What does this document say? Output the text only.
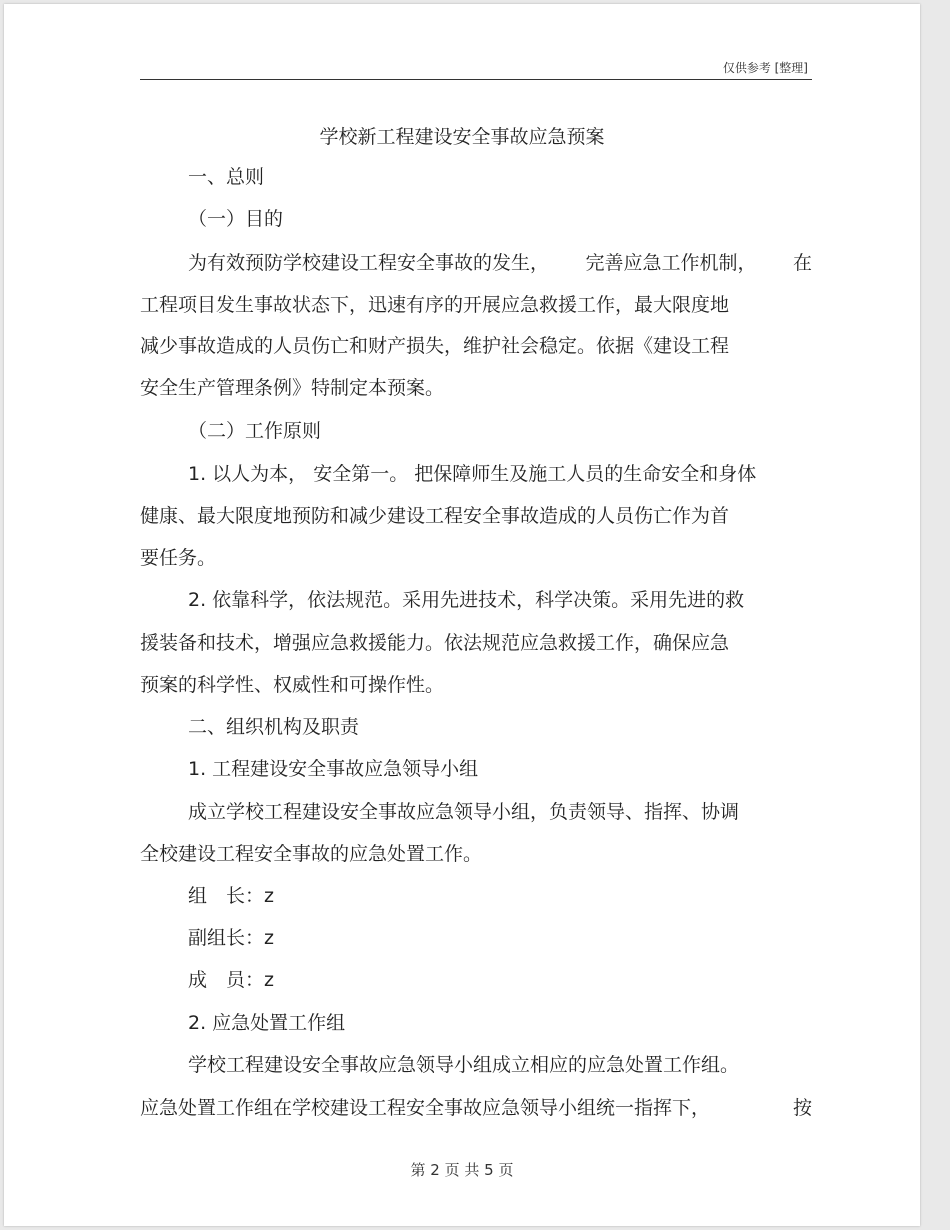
仅供参考 [整理]
学校新工程建设安全事故应急预案
一、总则
（一）目的
为有效预防学校建设工程安全事故的发生， 完善应急工作机制， 在
工程项目发生事故状态下，迅速有序的开展应急救援工作，最大限度地
减少事故造成的人员伤亡和财产损失，维护社会稳定。依据《建设工程
安全生产管理条例》特制定本预案。
（二）工作原则
1. 以人为本， 安全第一。 把保障师生及施工人员的生命安全和身体
健康、最大限度地预防和减少建设工程安全事故造成的人员伤亡作为首
要任务。
2. 依靠科学，依法规范。采用先进技术，科学决策。采用先进的救
援装备和技术，增强应急救援能力。依法规范应急救援工作，确保应急
预案的科学性、权威性和可操作性。
二、组织机构及职责
1. 工程建设安全事故应急领导小组
成立学校工程建设安全事故应急领导小组，负责领导、指挥、协调
全校建设工程安全事故的应急处置工作。
组　长：z
副组长：z
成　员：z
2. 应急处置工作组
学校工程建设安全事故应急领导小组成立相应的应急处置工作组。
应急处置工作组在学校建设工程安全事故应急领导小组统一指挥下，	按
第 2 页 共 5 页
